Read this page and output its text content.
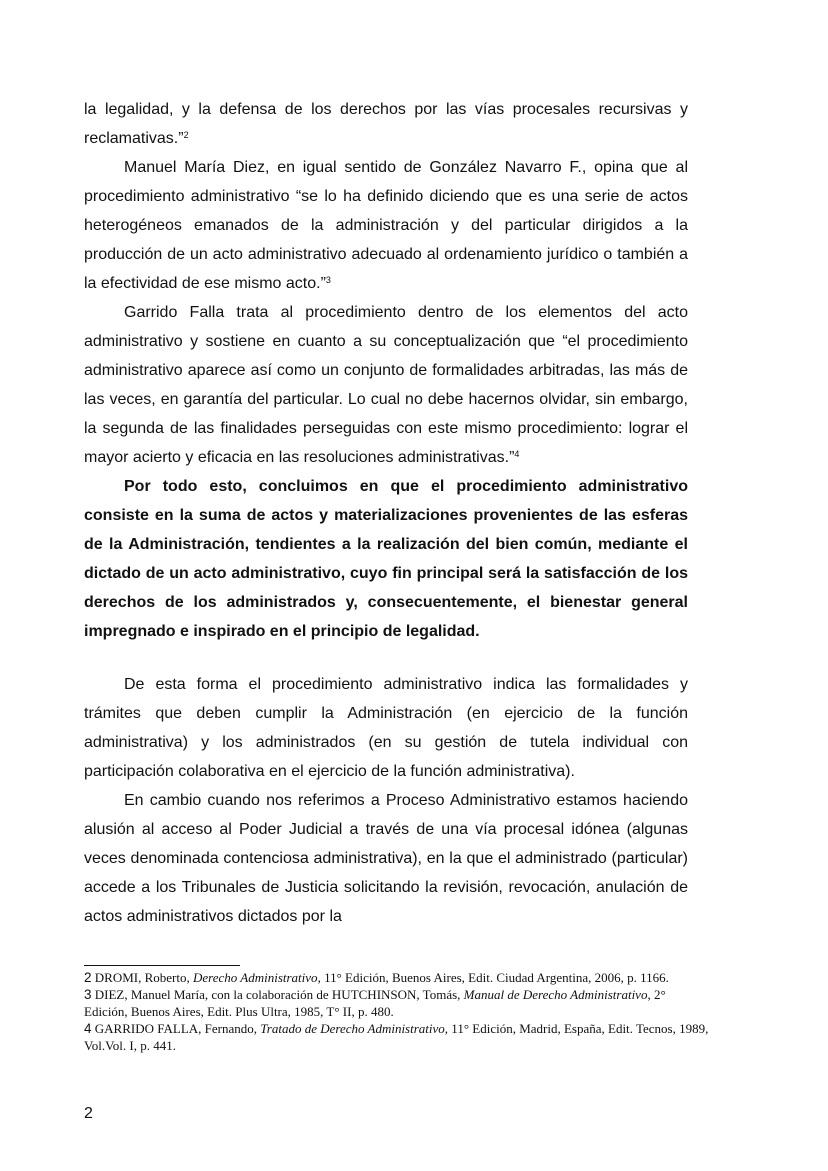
la legalidad, y la defensa de los derechos por las vías procesales recursivas y reclamativas.”$^2$

Manuel María Diez, en igual sentido de González Navarro F., opina que al procedimiento administrativo “se lo ha definido diciendo que es una serie de actos heterogéneos emanados de la administración y del particular dirigidos a la producción de un acto administrativo adecuado al ordenamiento jurídico o también a la efectividad de ese mismo acto.”$^3$

Garrido Falla trata al procedimiento dentro de los elementos del acto administrativo y sostiene en cuanto a su conceptualización que “el procedimiento administrativo aparece así como un conjunto de formalidades arbitradas, las más de las veces, en garantía del particular. Lo cual no debe hacernos olvidar, sin embargo, la segunda de las finalidades perseguidas con este mismo procedimiento: lograr el mayor acierto y eficacia en las resoluciones administrativas.”$^4$

Por todo esto, concluimos en que el procedimiento administrativo consiste en la suma de actos y materializaciones provenientes de las esferas de la Administración, tendientes a la realización del bien común, mediante el dictado de un acto administrativo, cuyo fin principal será la satisfacción de los derechos de los administrados y, consecuentemente, el bienestar general impregnado e inspirado en el principio de legalidad.

De esta forma el procedimiento administrativo indica las formalidades y trámites que deben cumplir la Administración (en ejercicio de la función administrativa) y los administrados (en su gestión de tutela individual con participación colaborativa en el ejercicio de la función administrativa).

En cambio cuando nos referimos a Proceso Administrativo estamos haciendo alusión al acceso al Poder Judicial a través de una vía procesal idónea (algunas veces denominada contenciosa administrativa), en la que el administrado (particular) accede a los Tribunales de Justicia solicitando la revisión, revocación, anulación de actos administrativos dictados por la

2 DROMI, Roberto, Derecho Administrativo, 11° Edición, Buenos Aires, Edit. Ciudad Argentina, 2006, p. 1166.

3 DIEZ, Manuel María, con la colaboración de HUTCHINSON, Tomás, Manual de Derecho Administrativo, 2° Edición, Buenos Aires, Edit. Plus Ultra, 1985, T° II, p. 480.

4 GARRIDO FALLA, Fernando, Tratado de Derecho Administrativo, 11° Edición, Madrid, España, Edit. Tecnos, 1989, Vol.Vol. I, p. 441.

2
